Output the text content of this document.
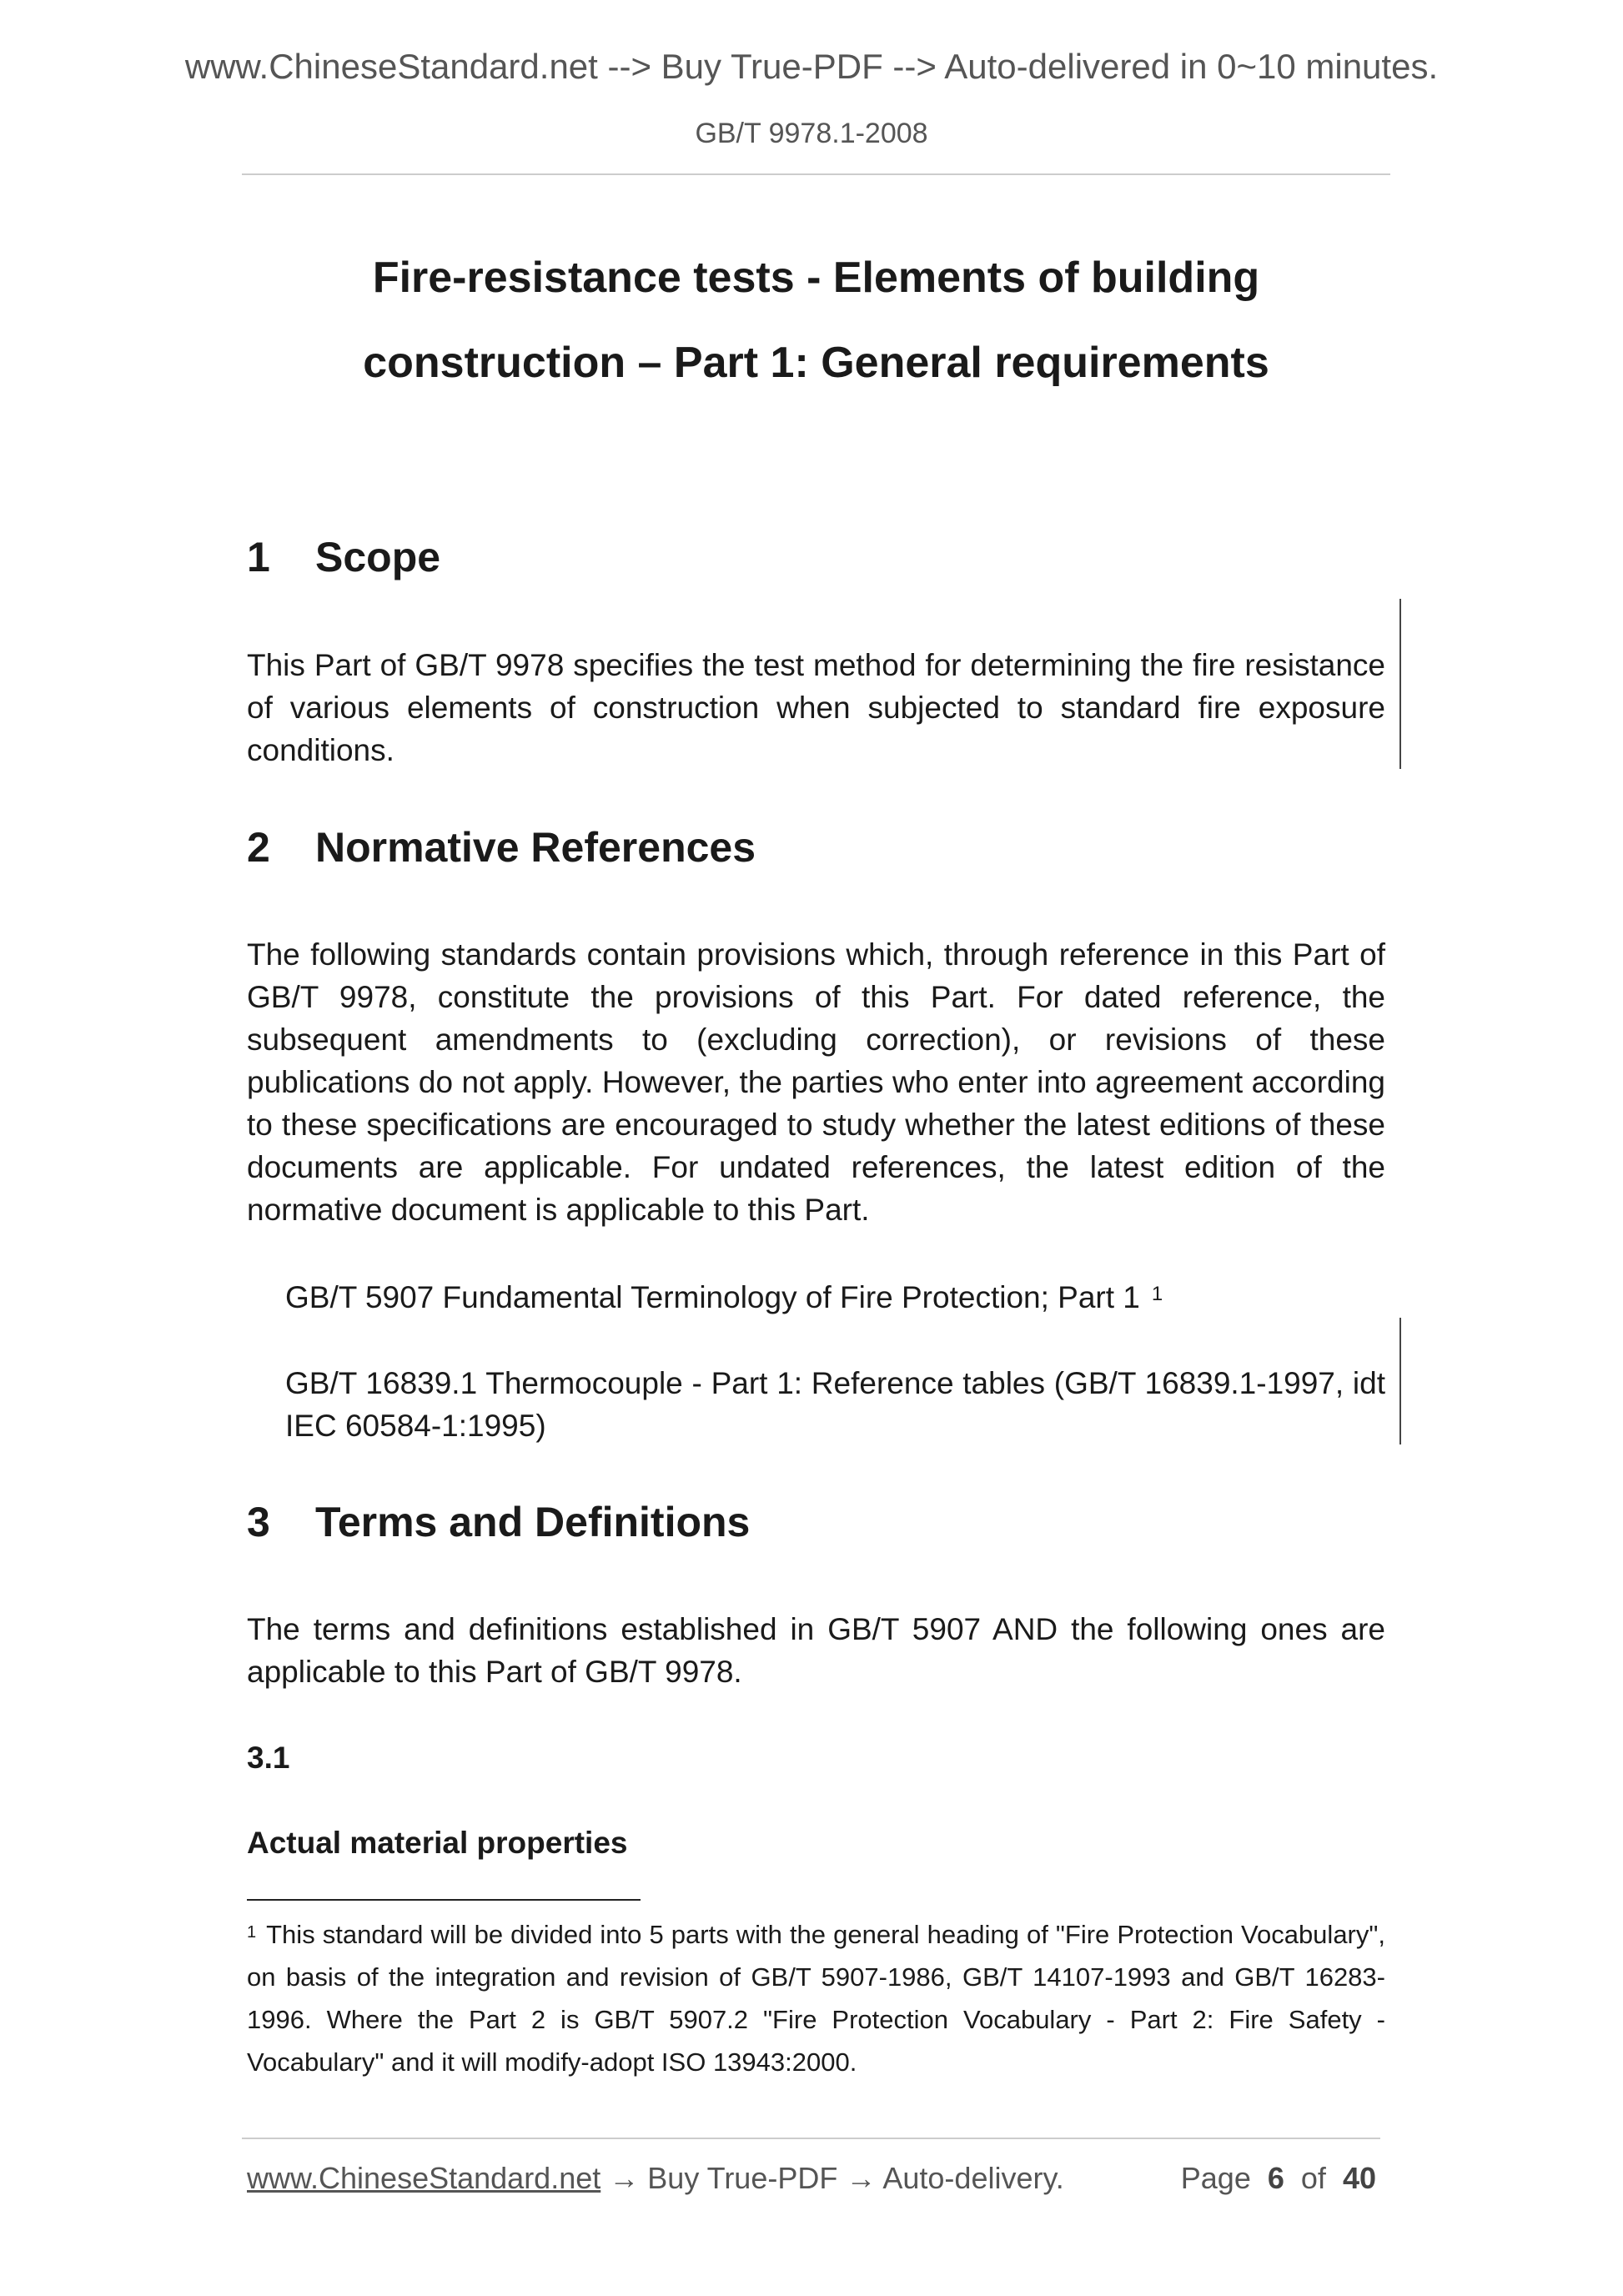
www.ChineseStandard.net --> Buy True-PDF --> Auto-delivered in 0~10 minutes.
GB/T 9978.1-2008
Fire-resistance tests - Elements of building
construction – Part 1: General requirements
1 Scope
This Part of GB/T 9978 specifies the test method for determining the fire resistance of various elements of construction when subjected to standard fire exposure conditions.
2 Normative References
The following standards contain provisions which, through reference in this Part of GB/T 9978, constitute the provisions of this Part. For dated reference, the subsequent amendments to (excluding correction), or revisions of these publications do not apply. However, the parties who enter into agreement according to these specifications are encouraged to study whether the latest editions of these documents are applicable. For undated references, the latest edition of the normative document is applicable to this Part.
GB/T 5907 Fundamental Terminology of Fire Protection; Part 1 $^1$
GB/T 16839.1 Thermocouple - Part 1: Reference tables (GB/T 16839.1-1997, idt IEC 60584-1:1995)
3 Terms and Definitions
The terms and definitions established in GB/T 5907 AND the following ones are applicable to this Part of GB/T 9978.
3.1
Actual material properties
$^1$ This standard will be divided into 5 parts with the general heading of "Fire Protection Vocabulary", on basis of the integration and revision of GB/T 5907-1986, GB/T 14107-1993 and GB/T 16283-1996. Where the Part 2 is GB/T 5907.2 "Fire Protection Vocabulary - Part 2: Fire Safety - Vocabulary" and it will modify-adopt ISO 13943:2000.
www.ChineseStandard.net → Buy True-PDF → Auto-delivery.	Page 6 of 40
